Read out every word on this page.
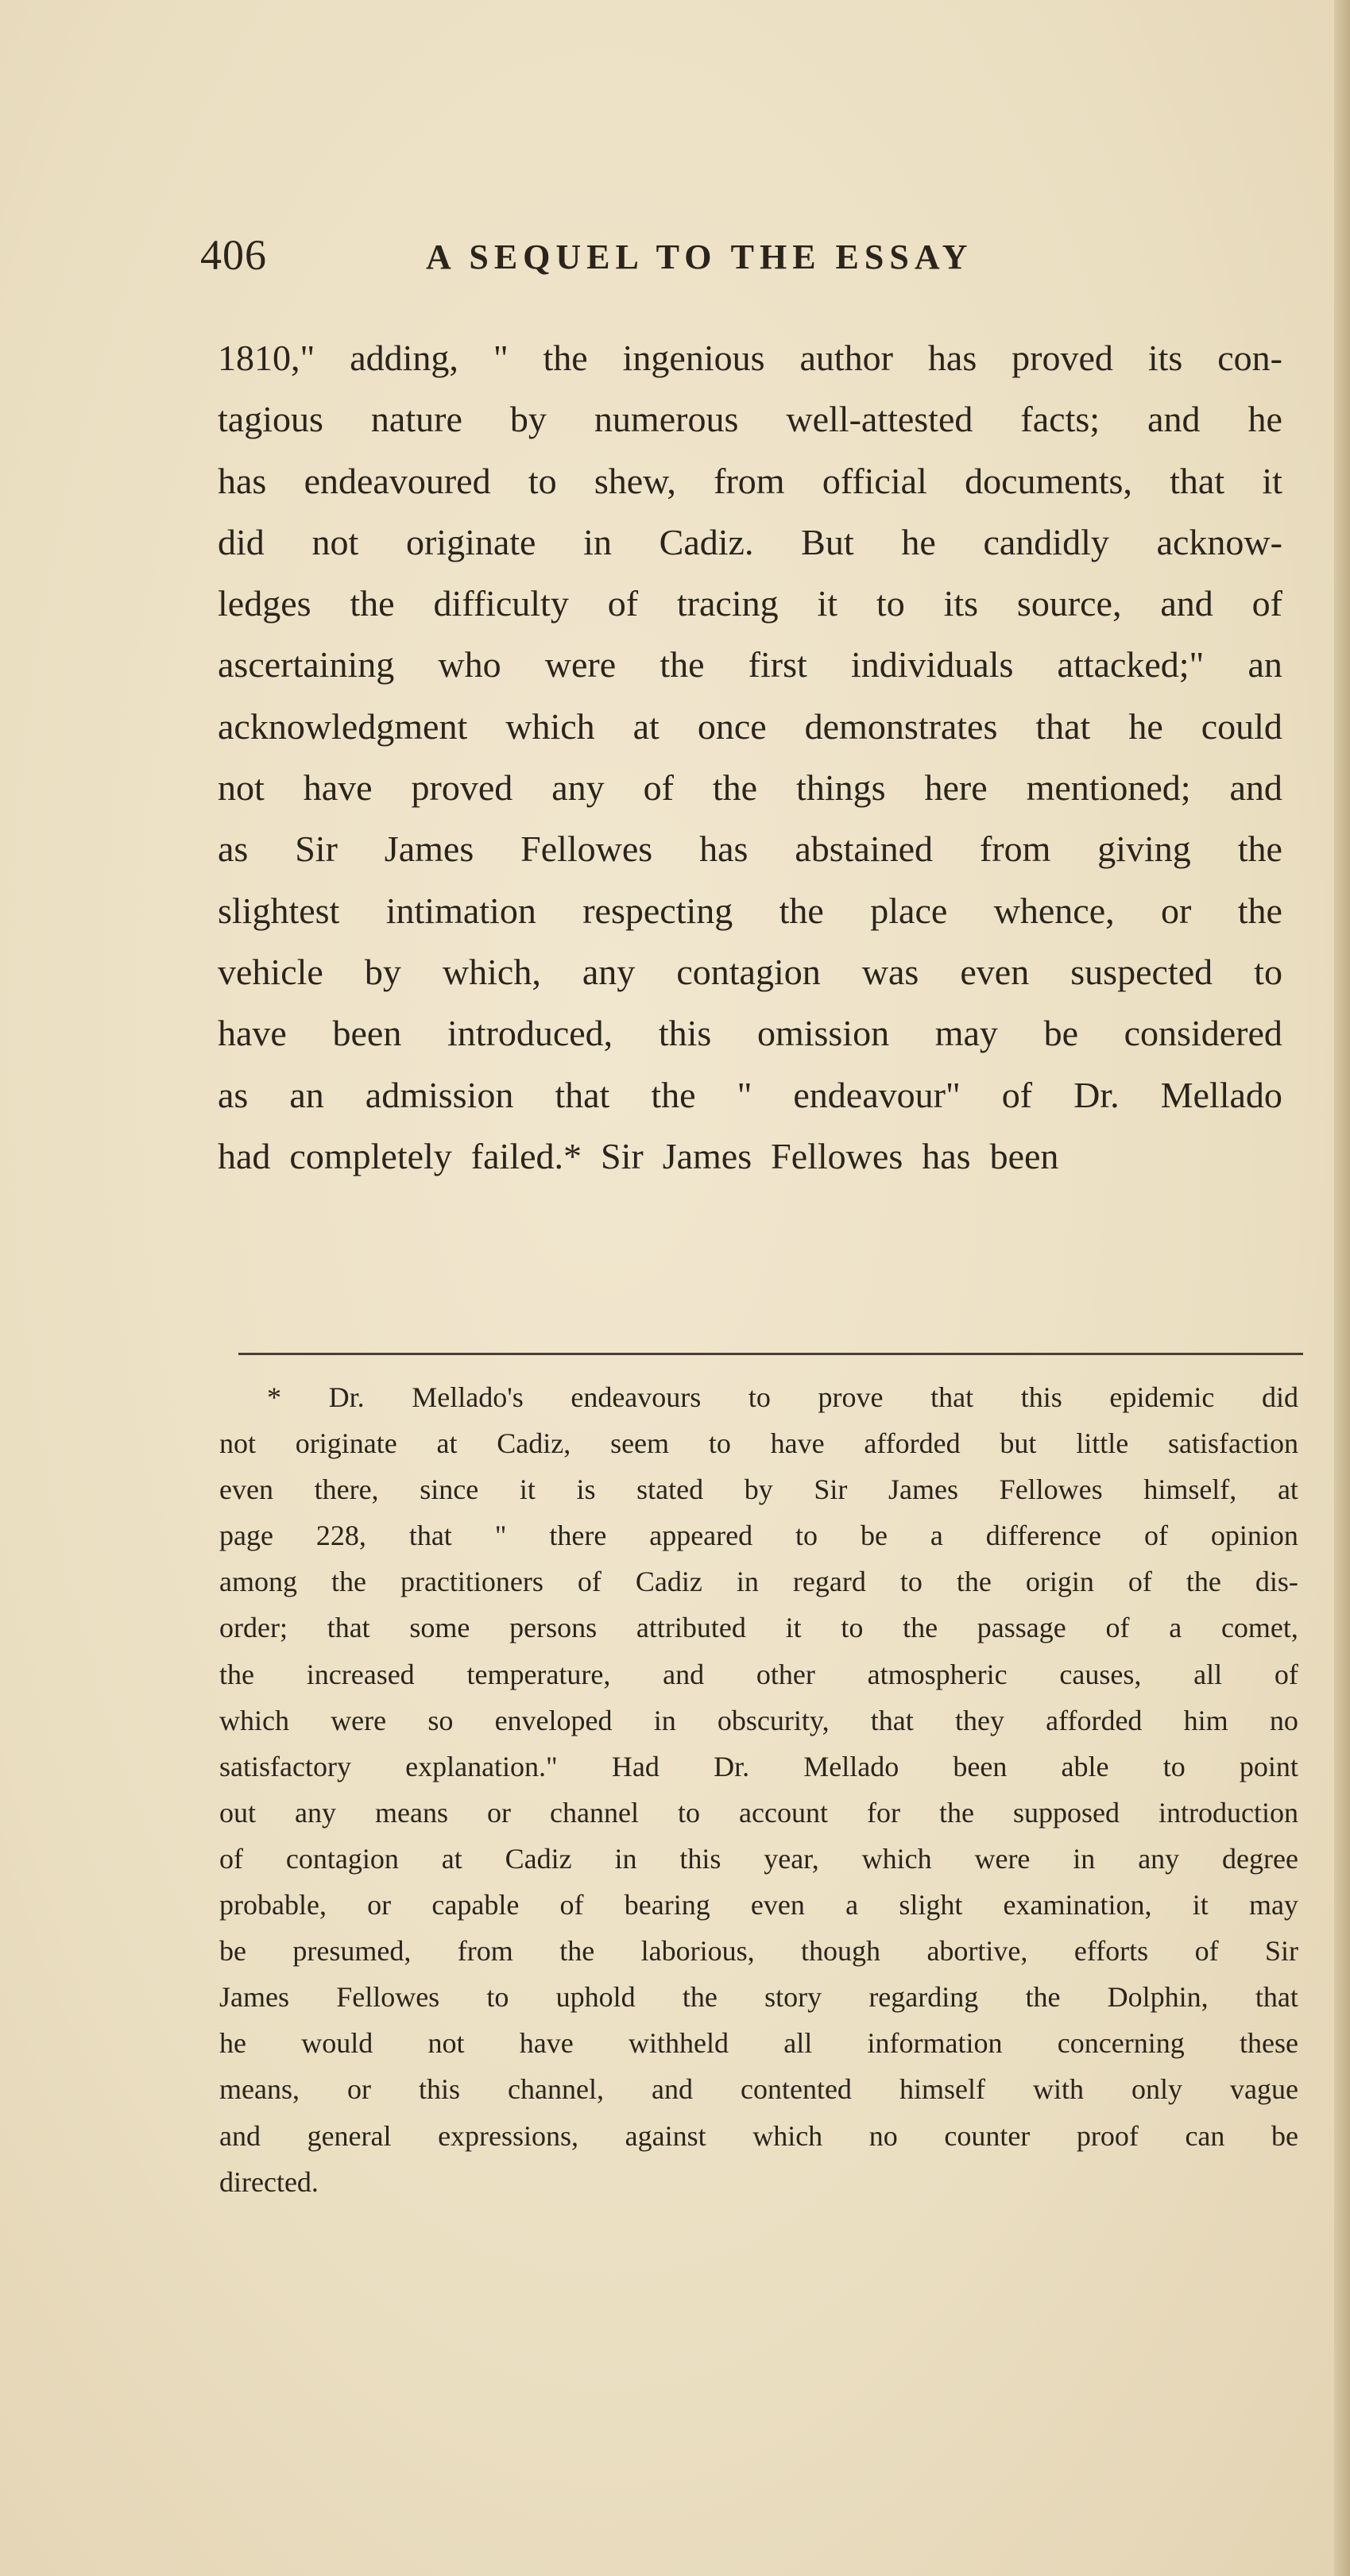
406	A SEQUEL TO THE ESSAY
1810," adding, " the ingenious author has proved its con-
tagious nature by numerous well-attested facts; and he
has endeavoured to shew, from official documents, that it
did not originate in Cadiz. But he candidly acknow-
ledges the difficulty of tracing it to its source, and of
ascertaining who were the first individuals attacked;" an
acknowledgment which at once demonstrates that he could
not have proved any of the things here mentioned; and
as Sir James Fellowes has abstained from giving the
slightest intimation respecting the place whence, or the
vehicle by which, any contagion was even suspected to
have been introduced, this omission may be considered
as an admission that the " endeavour" of Dr. Mellado
had completely failed.* Sir James Fellowes has been
* Dr. Mellado's endeavours to prove that this epidemic did
not originate at Cadiz, seem to have afforded but little satisfaction
even there, since it is stated by Sir James Fellowes himself, at
page 228, that " there appeared to be a difference of opinion
among the practitioners of Cadiz in regard to the origin of the dis-
order; that some persons attributed it to the passage of a comet,
the increased temperature, and other atmospheric causes, all of
which were so enveloped in obscurity, that they afforded him no
satisfactory explanation." Had Dr. Mellado been able to point
out any means or channel to account for the supposed introduction
of contagion at Cadiz in this year, which were in any degree
probable, or capable of bearing even a slight examination, it may
be presumed, from the laborious, though abortive, efforts of Sir
James Fellowes to uphold the story regarding the Dolphin, that
he would not have withheld all information concerning these
means, or this channel, and contented himself with only vague
and general expressions, against which no counter proof can be
directed.
